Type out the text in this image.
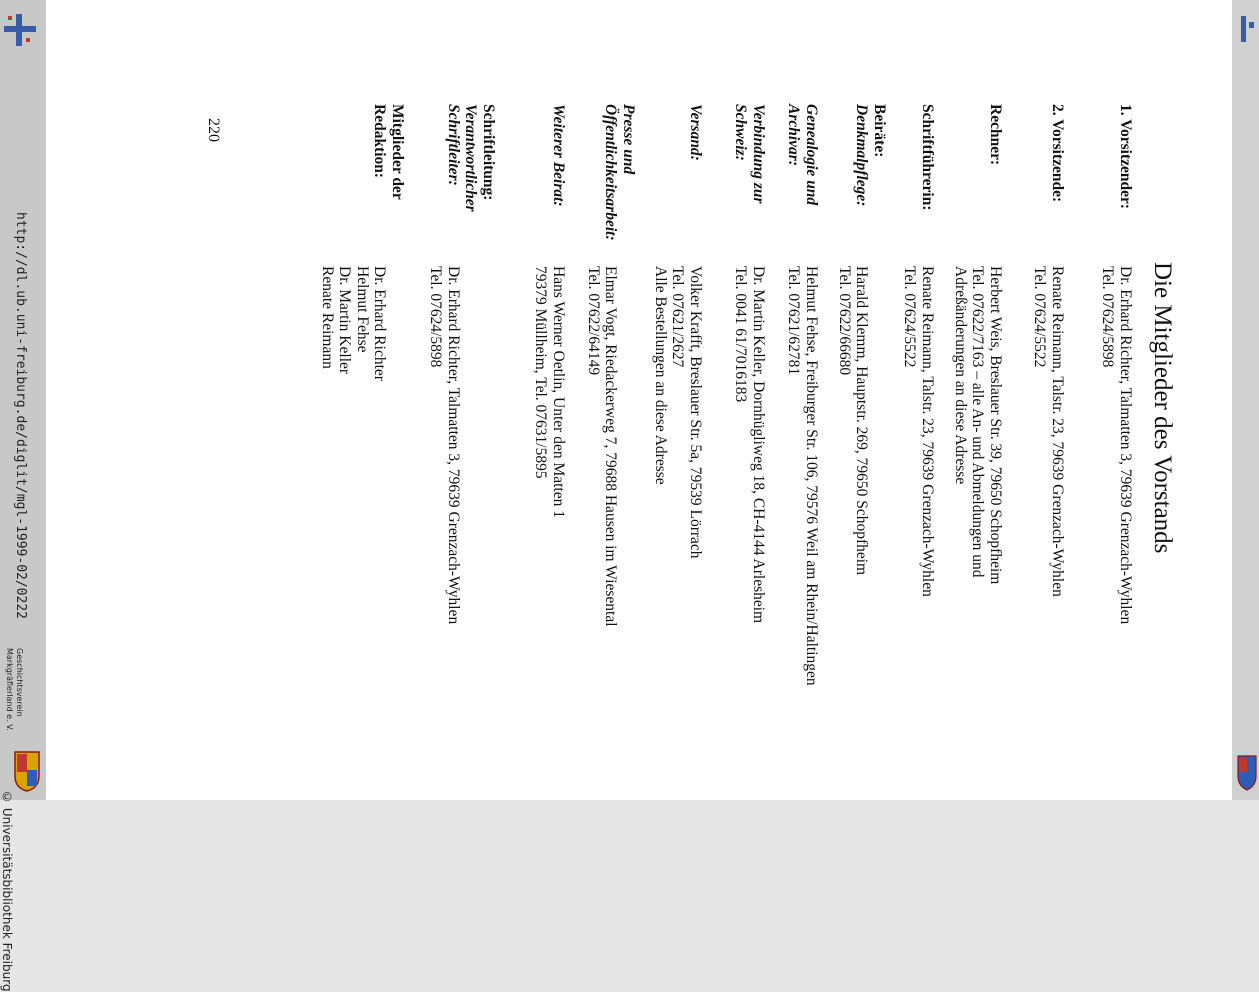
http://dl.ub.uni-freiburg.de/diglit/mgl-1999-02/0222
Geschichtsverein
Markgräflerland e. V.
© Universitätsbibliothek Freiburg
Die Mitglieder des Vorstands
1. Vorsitzender:
Dr. Erhard Richter, Talmatten 3, 79639 Grenzach-Wyhlen
Tel. 07624/5898
2. Vorsitzende:
Renate Reimann, Talstr. 23, 79639 Grenzach-Wyhlen
Tel. 07624/5522
Rechner:
Herbert Weis, Breslauer Str. 39, 79650 Schopfheim
Tel. 07622/7163 – alle An- und Abmeldungen und
Adreßänderungen an diese Adresse
Schriftführerin:
Renate Reimann, Talstr. 23, 79639 Grenzach-Wyhlen
Tel. 07624/5522
Beiräte:
Denkmalpflege:
Harald Klemm, Hauptstr. 269, 79650 Schopfheim
Tel. 07622/66680
Genealogie und
Archivar:
Helmut Fehse, Freiburger Str. 106, 79576 Weil am Rhein/Haltingen
Tel. 07621/62781
Verbindung zur
Schweiz:
Dr. Martin Keller, Dornhügliweg 18, CH-4144 Arlesheim
Tel. 0041 61/7016183
Versand:
Volker Krafft, Breslauer Str. 5a, 79539 Lörrach
Tel. 07621/2627
Alle Bestellungen an diese Adresse
Presse und
Öffentlichkeitsarbeit:
Elmar Vogt, Riedackerweg 7, 79688 Hausen im Wiesental
Tel. 07622/64149
Weiterer Beirat:
Hans Werner Oetlin, Unter den Matten 1
79379 Müllheim, Tel. 07631/5895
Schriftleitung:
Verantwortlicher
Schriftleiter:

Dr. Erhard Richter, Talmatten 3, 79639 Grenzach-Wyhlen
Tel. 07624/5898
Mitglieder der
Redaktion:
Dr. Erhard Richter
Helmut Fehse
Dr. Martin Keller
Renate Reimann
220
